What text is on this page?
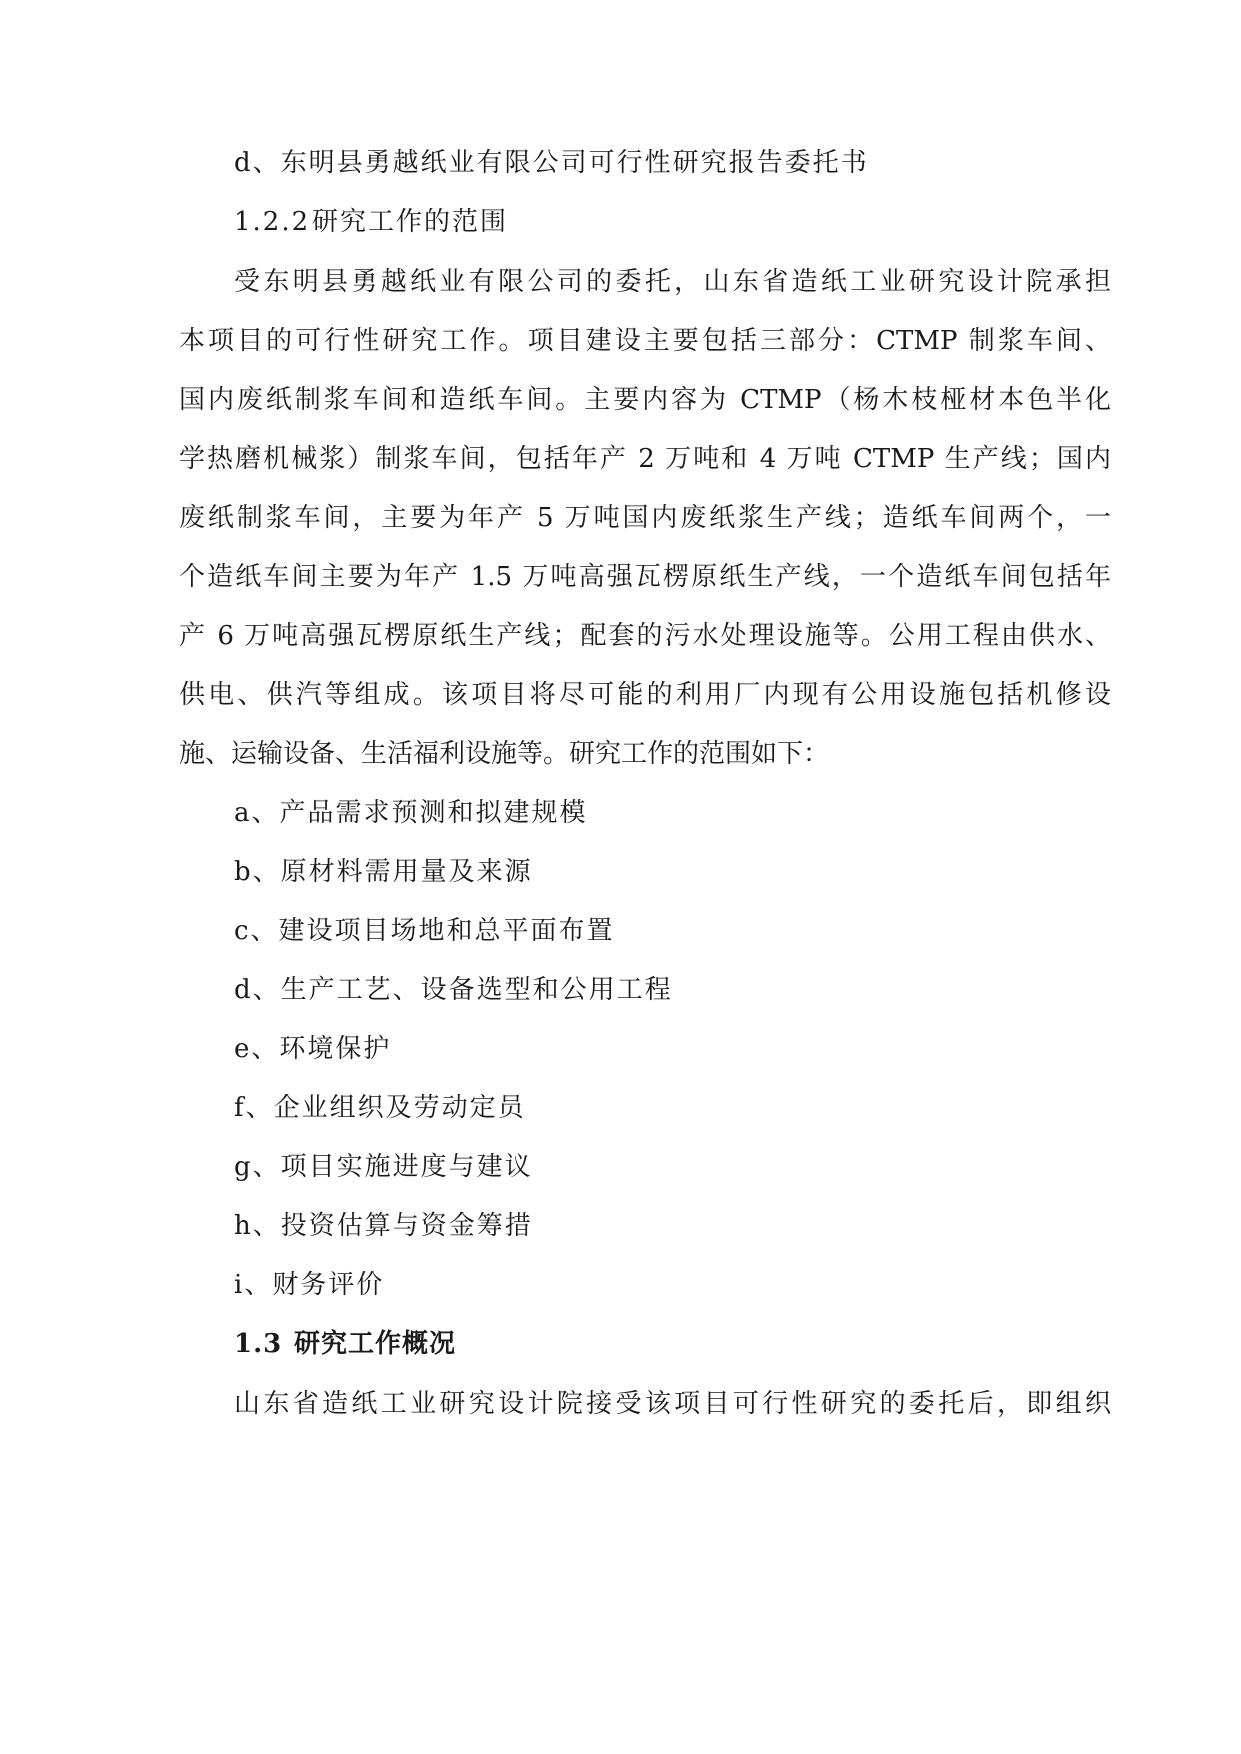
d、东明县勇越纸业有限公司可行性研究报告委托书
1.2.2研究工作的范围
受东明县勇越纸业有限公司的委托，山东省造纸工业研究设计院承担
本项目的可行性研究工作。项目建设主要包括三部分：CTMP 制浆车间、
国内废纸制浆车间和造纸车间。主要内容为 CTMP（杨木枝桠材本色半化
学热磨机械浆）制浆车间，包括年产 2 万吨和 4 万吨 CTMP 生产线；国内
废纸制浆车间，主要为年产 5 万吨国内废纸浆生产线；造纸车间两个，一
个造纸车间主要为年产 1.5 万吨高强瓦楞原纸生产线，一个造纸车间包括年
产 6 万吨高强瓦楞原纸生产线；配套的污水处理设施等。公用工程由供水、
供电、供汽等组成。该项目将尽可能的利用厂内现有公用设施包括机修设
施、运输设备、生活福利设施等。研究工作的范围如下：
a、产品需求预测和拟建规模
b、原材料需用量及来源
c、建设项目场地和总平面布置
d、生产工艺、设备选型和公用工程
e、环境保护
f、企业组织及劳动定员
g、项目实施进度与建议
h、投资估算与资金筹措
i、财务评价
1.3 研究工作概况
山东省造纸工业研究设计院接受该项目可行性研究的委托后，即组织
